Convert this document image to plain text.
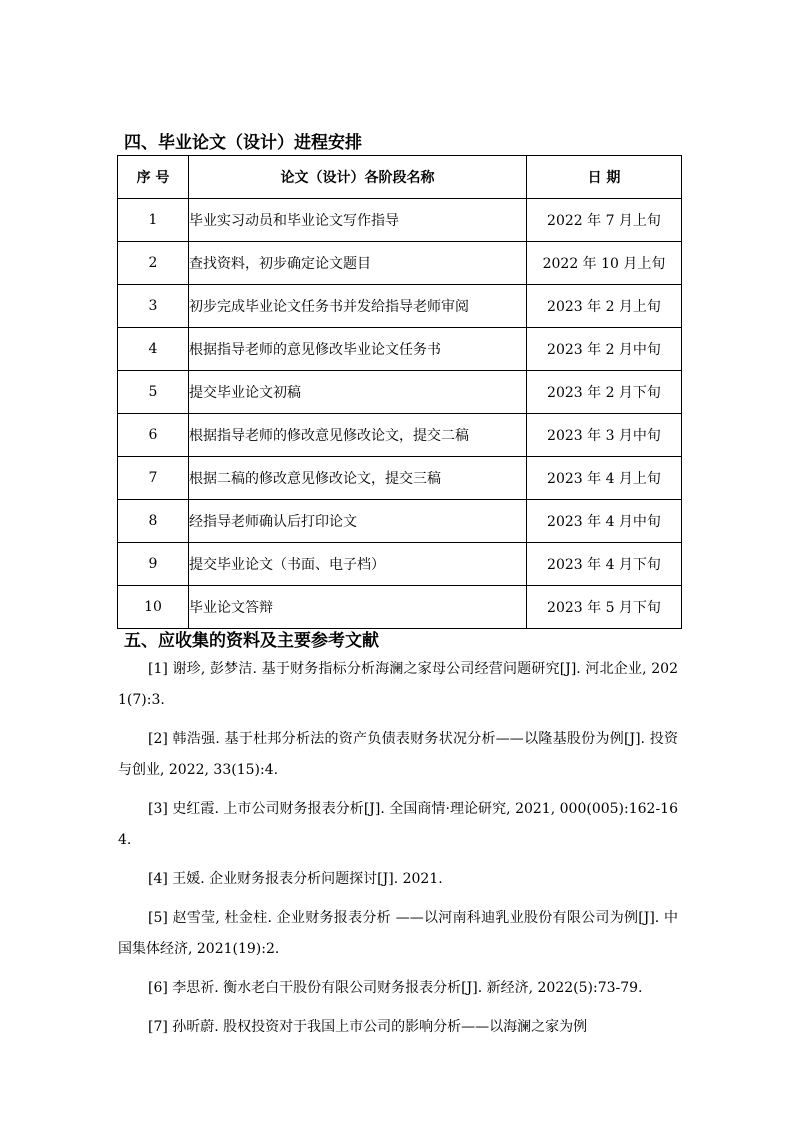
四、毕业论文（设计）进程安排
序 号	论文（设计）各阶段名称	日 期
1	毕业实习动员和毕业论文写作指导	2022 年 7 月上旬
2	查找资料，初步确定论文题目	2022 年 10 月上旬
3	初步完成毕业论文任务书并发给指导老师审阅	2023 年 2 月上旬
4	根据指导老师的意见修改毕业论文任务书	2023 年 2 月中旬
5	提交毕业论文初稿	2023 年 2 月下旬
6	根据指导老师的修改意见修改论文，提交二稿	2023 年 3 月中旬
7	根据二稿的修改意见修改论文，提交三稿	2023 年 4 月上旬
8	经指导老师确认后打印论文	2023 年 4 月中旬
9	提交毕业论文（书面、电子档）	2023 年 4 月下旬
10	毕业论文答辩	2023 年 5 月下旬
五、应收集的资料及主要参考文献

[1] 谢珍, 彭梦洁. 基于财务指标分析海澜之家母公司经营问题研究[J]. 河北企业, 2021(7):3.

[2] 韩浩强. 基于杜邦分析法的资产负债表财务状况分析——以隆基股份为例[J]. 投资与创业, 2022, 33(15):4.

[3] 史红霞. 上市公司财务报表分析[J]. 全国商情·理论研究, 2021, 000(005):162-164.

[4] 王媛. 企业财务报表分析问题探讨[J]. 2021.

[5] 赵雪莹, 杜金柱. 企业财务报表分析 ——以河南科迪乳业股份有限公司为例[J]. 中国集体经济, 2021(19):2.

[6] 李思祈. 衡水老白干股份有限公司财务报表分析[J]. 新经济, 2022(5):73-79.

[7] 孙昕蔚. 股权投资对于我国上市公司的影响分析——以海澜之家为例
